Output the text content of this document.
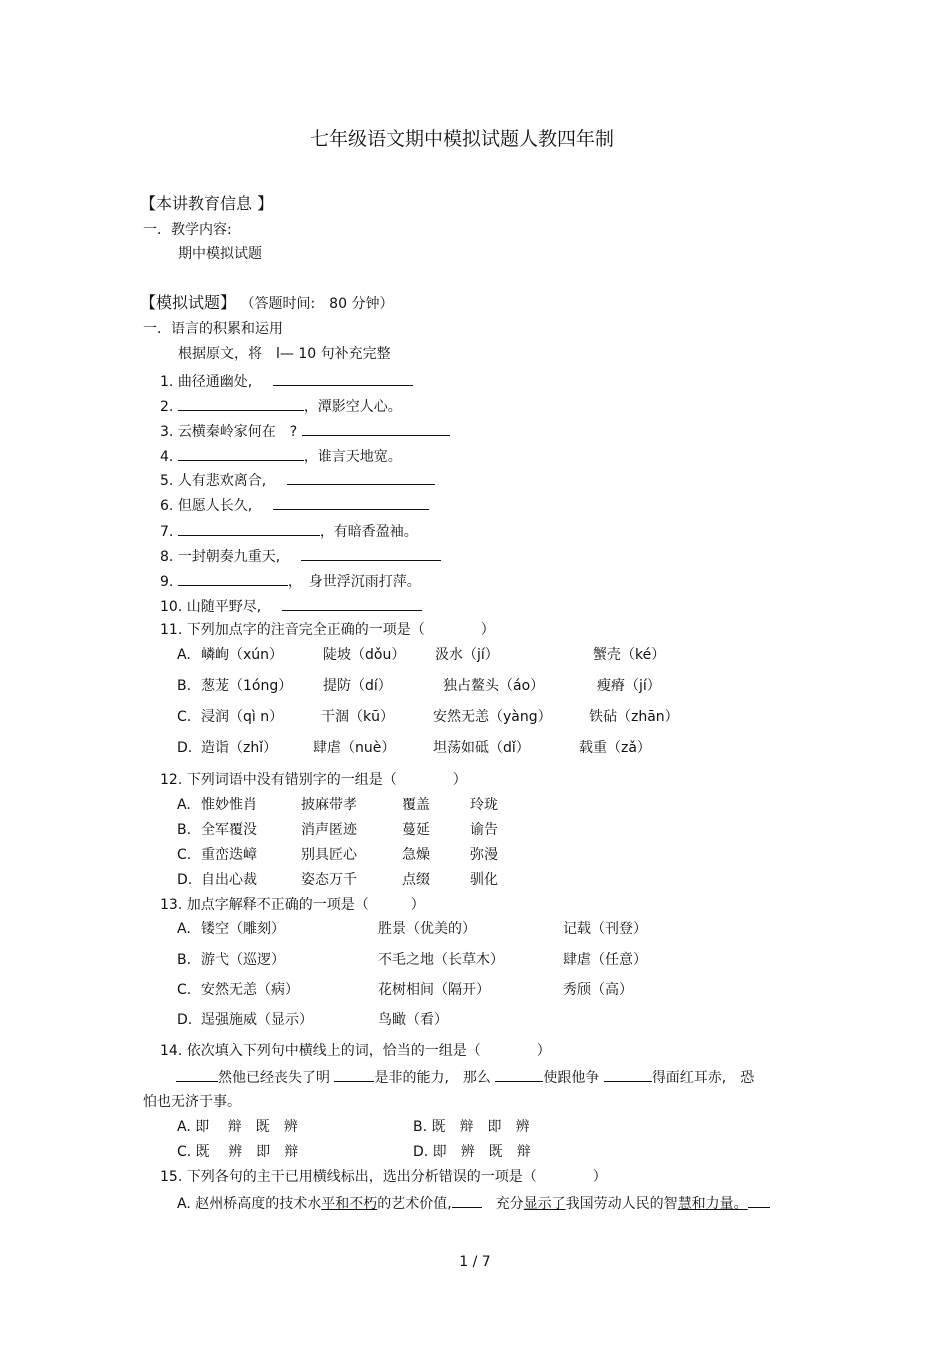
七年级语文期中模拟试题人教四年制
【本讲教育信息 】
一．教学内容:
期中模拟试题
【模拟试题】 （答题时间:　80 分钟）
一．语言的积累和运用
根据原文，将　l— 10 句补充完整
1. 曲径通幽处,
2.	，潭影空人心。
3. 云横秦岭家何在　?
4.	，谁言天地宽。
5. 人有悲欢离合,
6. 但愿人长久,
7.	，有暗香盈袖。
8. 一封朝奏九重天,
9.	，　身世浮沉雨打萍。
10. 山随平野尽,
11. 下列加点字的注音完全正确的一项是（　　　　）
A. 嶙峋（xún）	陡坡（dǒu） 汲水（jí）	蟹壳（ké）
B. 葱茏（1óng） 提防（dí）	独占鳌头（áo）	瘦瘠（jí）
C. 浸润（qì n）	干涸（kū）	安然无恙（yàng）	铁砧（zhān）
D. 造诣（zhǐ）	肆虐（nuè）	坦荡如砥（dǐ）	载重（zǎ）
12. 下列词语中没有错别字的一组是（　　　　）
A. 惟妙惟肖	披麻带孝	覆盖	玲珑
B. 全军覆没	消声匿迹	蔓延	谕告
C. 重峦迭嶂	别具匠心	急燥	弥漫
D. 自出心裁	姿态万千	点缀	驯化
13. 加点字解释不正确的一项是（　　　）
A. 镂空（雕刻）	胜景（优美的）	记载（刊登）
B. 游弋（巡逻）	不毛之地（长草木）	肆虐（任意）
C. 安然无恙（病）	花树相间（隔开）	秀颀（高）
D. 逞强施威（显示）	鸟瞰（看）
14. 依次填入下列句中横线上的词，恰当的一组是（　　　　）
然他已经丧失了明	是非的能力,　那么	使跟他争	得面红耳赤,　恐
怕也无济于事。
A. 即　 辩　既　辨	B. 既　辩　即　辨
C. 既　 辨　即　辩	D. 即　辨　既　辩
15. 下列各句的主干已用横线标出，选出分析错误的一项是（　　　　）
A. 赵州桥高度的技术水平和不朽的艺术价值,　充分显示了我国劳动人民的智慧和力量。
1 / 7
